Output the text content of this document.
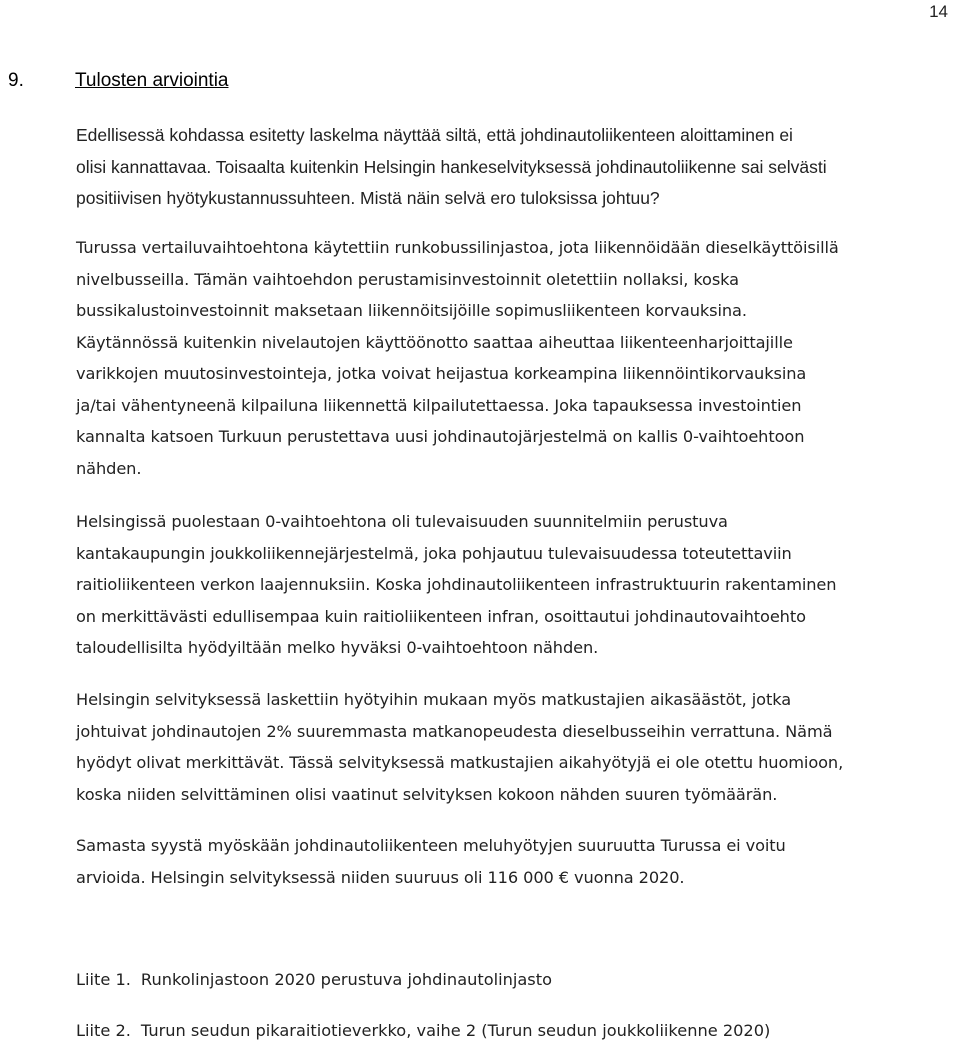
14
9.	Tulosten arviointia

Edellisessä kohdassa esitetty laskelma näyttää siltä, että johdinautoliikenteen aloittaminen ei
olisi kannattavaa. Toisaalta kuitenkin Helsingin hankeselvityksessä johdinautoliikenne sai selvästi
positiivisen hyötykustannussuhteen. Mistä näin selvä ero tuloksissa johtuu?

Turussa vertailuvaihtoehtona käytettiin runkobussilinjastoa, jota liikennöidään dieselkäyttöisillä
nivelbusseilla. Tämän vaihtoehdon perustamisinvestoinnit oletettiin nollaksi, koska
bussikalustoinvestoinnit maksetaan liikennöitsijöille sopimusliikenteen korvauksina.
Käytännössä kuitenkin nivelautojen käyttöönotto saattaa aiheuttaa liikenteenharjoittajille
varikkojen muutosinvestointeja, jotka voivat heijastua korkeampina liikennöintikorvauksina
ja/tai vähentyneenä kilpailuna liikennettä kilpailutettaessa. Joka tapauksessa investointien
kannalta katsoen Turkuun perustettava uusi johdinautojärjestelmä on kallis 0-vaihtoehtoon
nähden.

Helsingissä puolestaan 0-vaihtoehtona oli tulevaisuuden suunnitelmiin perustuva
kantakaupungin joukkoliikennejärjestelmä, joka pohjautuu tulevaisuudessa toteutettaviin
raitioliikenteen verkon laajennuksiin. Koska johdinautoliikenteen infrastruktuurin rakentaminen
on merkittävästi edullisempaa kuin raitioliikenteen infran, osoittautui johdinautovaihtoehto
taloudellisilta hyödyiltään melko hyväksi 0-vaihtoehtoon nähden.

Helsingin selvityksessä laskettiin hyötyihin mukaan myös matkustajien aikasäästöt, jotka
johtuivat johdinautojen 2% suuremmasta matkanopeudesta dieselbusseihin verrattuna. Nämä
hyödyt olivat merkittävät. Tässä selvityksessä matkustajien aikahyötyjä ei ole otettu huomioon,
koska niiden selvittäminen olisi vaatinut selvityksen kokoon nähden suuren työmäärän.

Samasta syystä myöskään johdinautoliikenteen meluhyötyjen suuruutta Turussa ei voitu
arvioida. Helsingin selvityksessä niiden suuruus oli 116 000 € vuonna 2020.

Liite 1. Runkolinjastoon 2020 perustuva johdinautolinjasto
Liite 2. Turun seudun pikaraitiotieverkko, vaihe 2 (Turun seudun joukkoliikenne 2020)
